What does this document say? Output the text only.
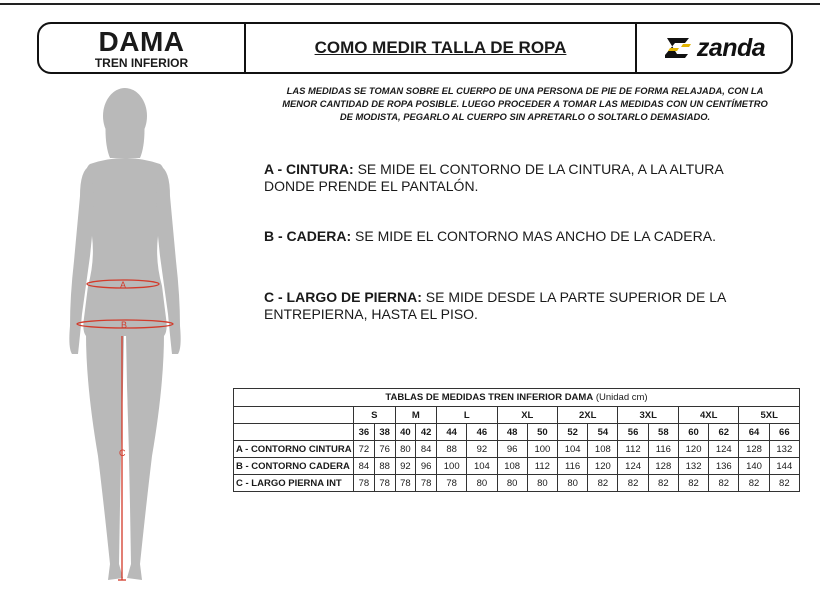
DAMA
TREN INFERIOR
COMO MEDIR TALLA DE ROPA	zanda
LAS MEDIDAS SE TOMAN SOBRE EL CUERPO DE UNA PERSONA DE PIE DE FORMA RELAJADA, CON LA MENOR CANTIDAD DE ROPA POSIBLE. LUEGO PROCEDER A TOMAR LAS MEDIDAS CON UN CENTÍMETRO DE MODISTA, PEGARLO AL CUERPO SIN APRETARLO O SOLTARLO DEMASIADO.
A - CINTURA: SE MIDE EL CONTORNO DE LA CINTURA, A LA ALTURA DONDE PRENDE EL PANTALÓN.
B - CADERA: SE MIDE EL CONTORNO MAS ANCHO DE LA CADERA.
C - LARGO DE PIERNA: SE MIDE DESDE LA PARTE SUPERIOR DE LA ENTREPIERNA, HASTA EL PISO.
A
B
C
TABLAS DE MEDIDAS TREN INFERIOR DAMA (Unidad cm)																
	S		M		L		XL		2XL		3XL		4XL		5XL	
	36	38	40	42	44	46	48	50	52	54	56	58	60	62	64	66
A - CONTORNO CINTURA	72	76	80	84	88	92	96	100	104	108	112	116	120	124	128	132
B - CONTORNO CADERA	84	88	92	96	100	104	108	112	116	120	124	128	132	136	140	144
C - LARGO PIERNA INT	78	78	78	78	78	80	80	80	80	82	82	82	82	82	82	82
